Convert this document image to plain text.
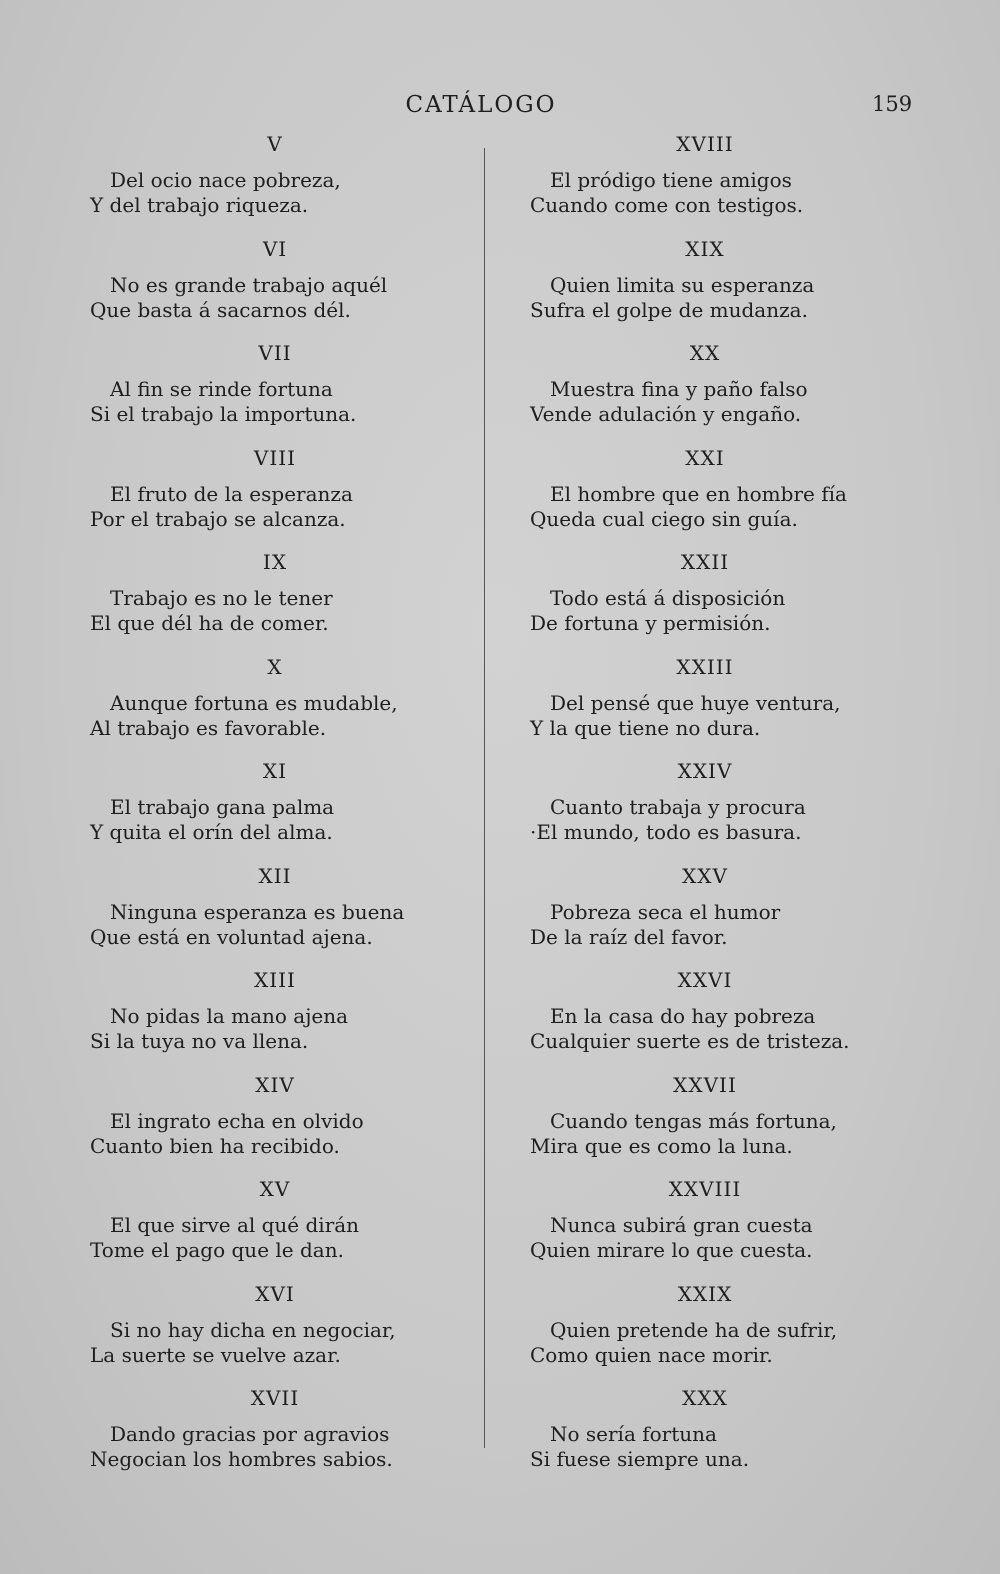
CATÁLOGO	159
V
Del ocio nace pobreza,
Y del trabajo riqueza.
VI
No es grande trabajo aquél
Que basta á sacarnos dél.
VII
Al fin se rinde fortuna
Si el trabajo la importuna.
VIII
El fruto de la esperanza
Por el trabajo se alcanza.
IX
Trabajo es no le tener
El que dél ha de comer.
X
Aunque fortuna es mudable,
Al trabajo es favorable.
XI
El trabajo gana palma
Y quita el orín del alma.
XII
Ninguna esperanza es buena
Que está en voluntad ajena.
XIII
No pidas la mano ajena
Si la tuya no va llena.
XIV
El ingrato echa en olvido
Cuanto bien ha recibido.
XV
El que sirve al qué dirán
Tome el pago que le dan.
XVI
Si no hay dicha en negociar,
La suerte se vuelve azar.
XVII
Dando gracias por agravios
Negocian los hombres sabios.
XVIII
El pródigo tiene amigos
Cuando come con testigos.
XIX
Quien limita su esperanza
Sufra el golpe de mudanza.
XX
Muestra fina y paño falso
Vende adulación y engaño.
XXI
El hombre que en hombre fía
Queda cual ciego sin guía.
XXII
Todo está á disposición
De fortuna y permisión.
XXIII
Del pensé que huye ventura,
Y la que tiene no dura.
XXIV
Cuanto trabaja y procura
·El mundo, todo es basura.
XXV
Pobreza seca el humor
De la raíz del favor.
XXVI
En la casa do hay pobreza
Cualquier suerte es de tristeza.
XXVII
Cuando tengas más fortuna,
Mira que es como la luna.
XXVIII
Nunca subirá gran cuesta
Quien mirare lo que cuesta.
XXIX
Quien pretende ha de sufrir,
Como quien nace morir.
XXX
No sería fortuna
Si fuese siempre una.
